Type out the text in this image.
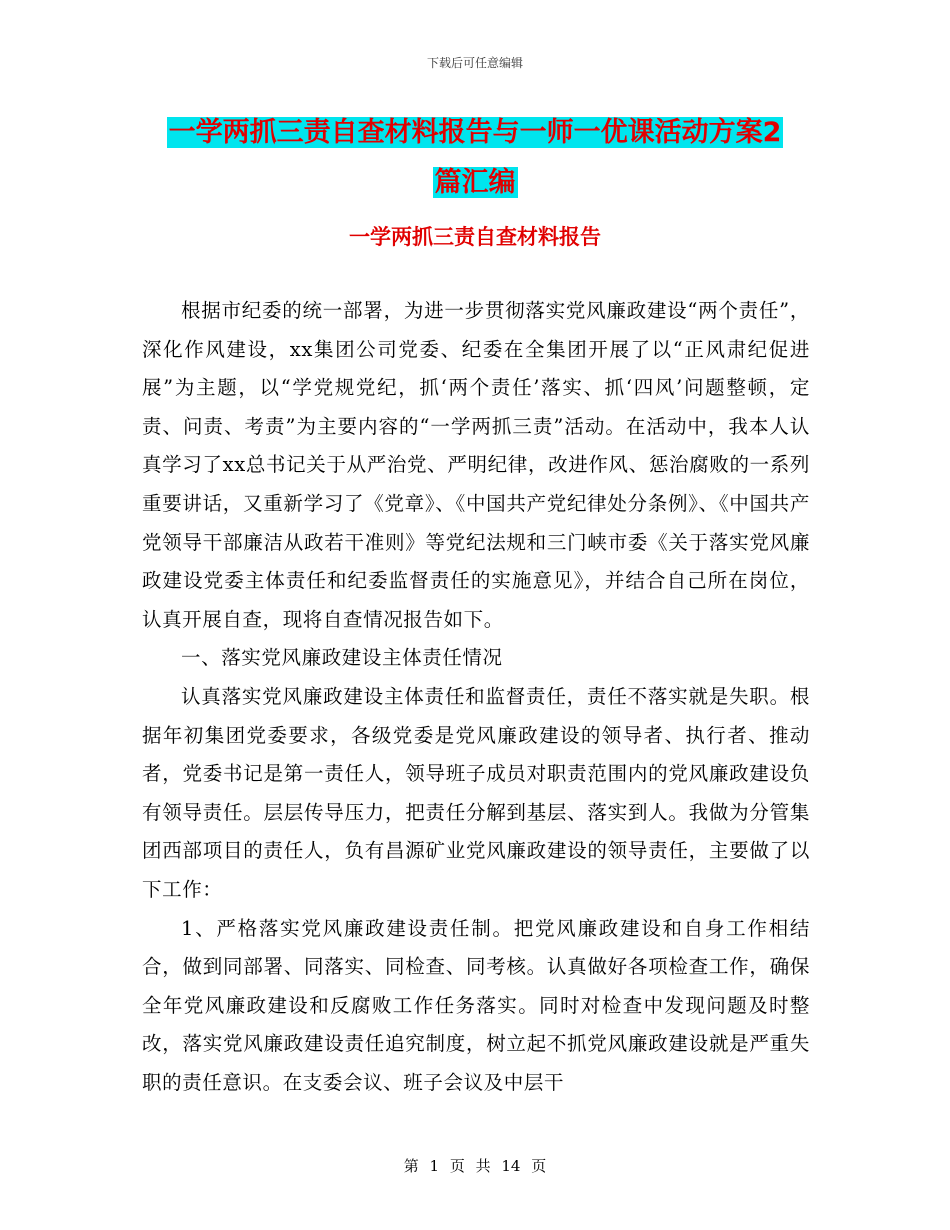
下载后可任意编辑
一学两抓三责自查材料报告与一师一优课活动方案2
篇汇编
一学两抓三责自查材料报告

根据市纪委的统一部署，为进一步贯彻落实党风廉政建设“两个责任”，深化作风建设，xx集团公司党委、纪委在全集团开展了以“正风肃纪促进展”为主题，以“学党规党纪，抓‘两个责任’落实、抓‘四风’问题整顿，定责、问责、考责”为主要内容的“一学两抓三责”活动。在活动中，我本人认真学习了xx总书记关于从严治党、严明纪律，改进作风、惩治腐败的一系列重要讲话，又重新学习了《党章》、《中国共产党纪律处分条例》、《中国共产党领导干部廉洁从政若干准则》等党纪法规和三门峡市委《关于落实党风廉政建设党委主体责任和纪委监督责任的实施意见》，并结合自己所在岗位，认真开展自查，现将自查情况报告如下。

一、落实党风廉政建设主体责任情况

认真落实党风廉政建设主体责任和监督责任，责任不落实就是失职。根据年初集团党委要求，各级党委是党风廉政建设的领导者、执行者、推动者，党委书记是第一责任人，领导班子成员对职责范围内的党风廉政建设负有领导责任。层层传导压力，把责任分解到基层、落实到人。我做为分管集团西部项目的责任人，负有昌源矿业党风廉政建设的领导责任，主要做了以下工作：

1、严格落实党风廉政建设责任制。把党风廉政建设和自身工作相结合，做到同部署、同落实、同检查、同考核。认真做好各项检查工作，确保全年党风廉政建设和反腐败工作任务落实。同时对检查中发现问题及时整改，落实党风廉政建设责任追究制度，树立起不抓党风廉政建设就是严重失职的责任意识。在支委会议、班子会议及中层干

第 1 页 共 14 页
